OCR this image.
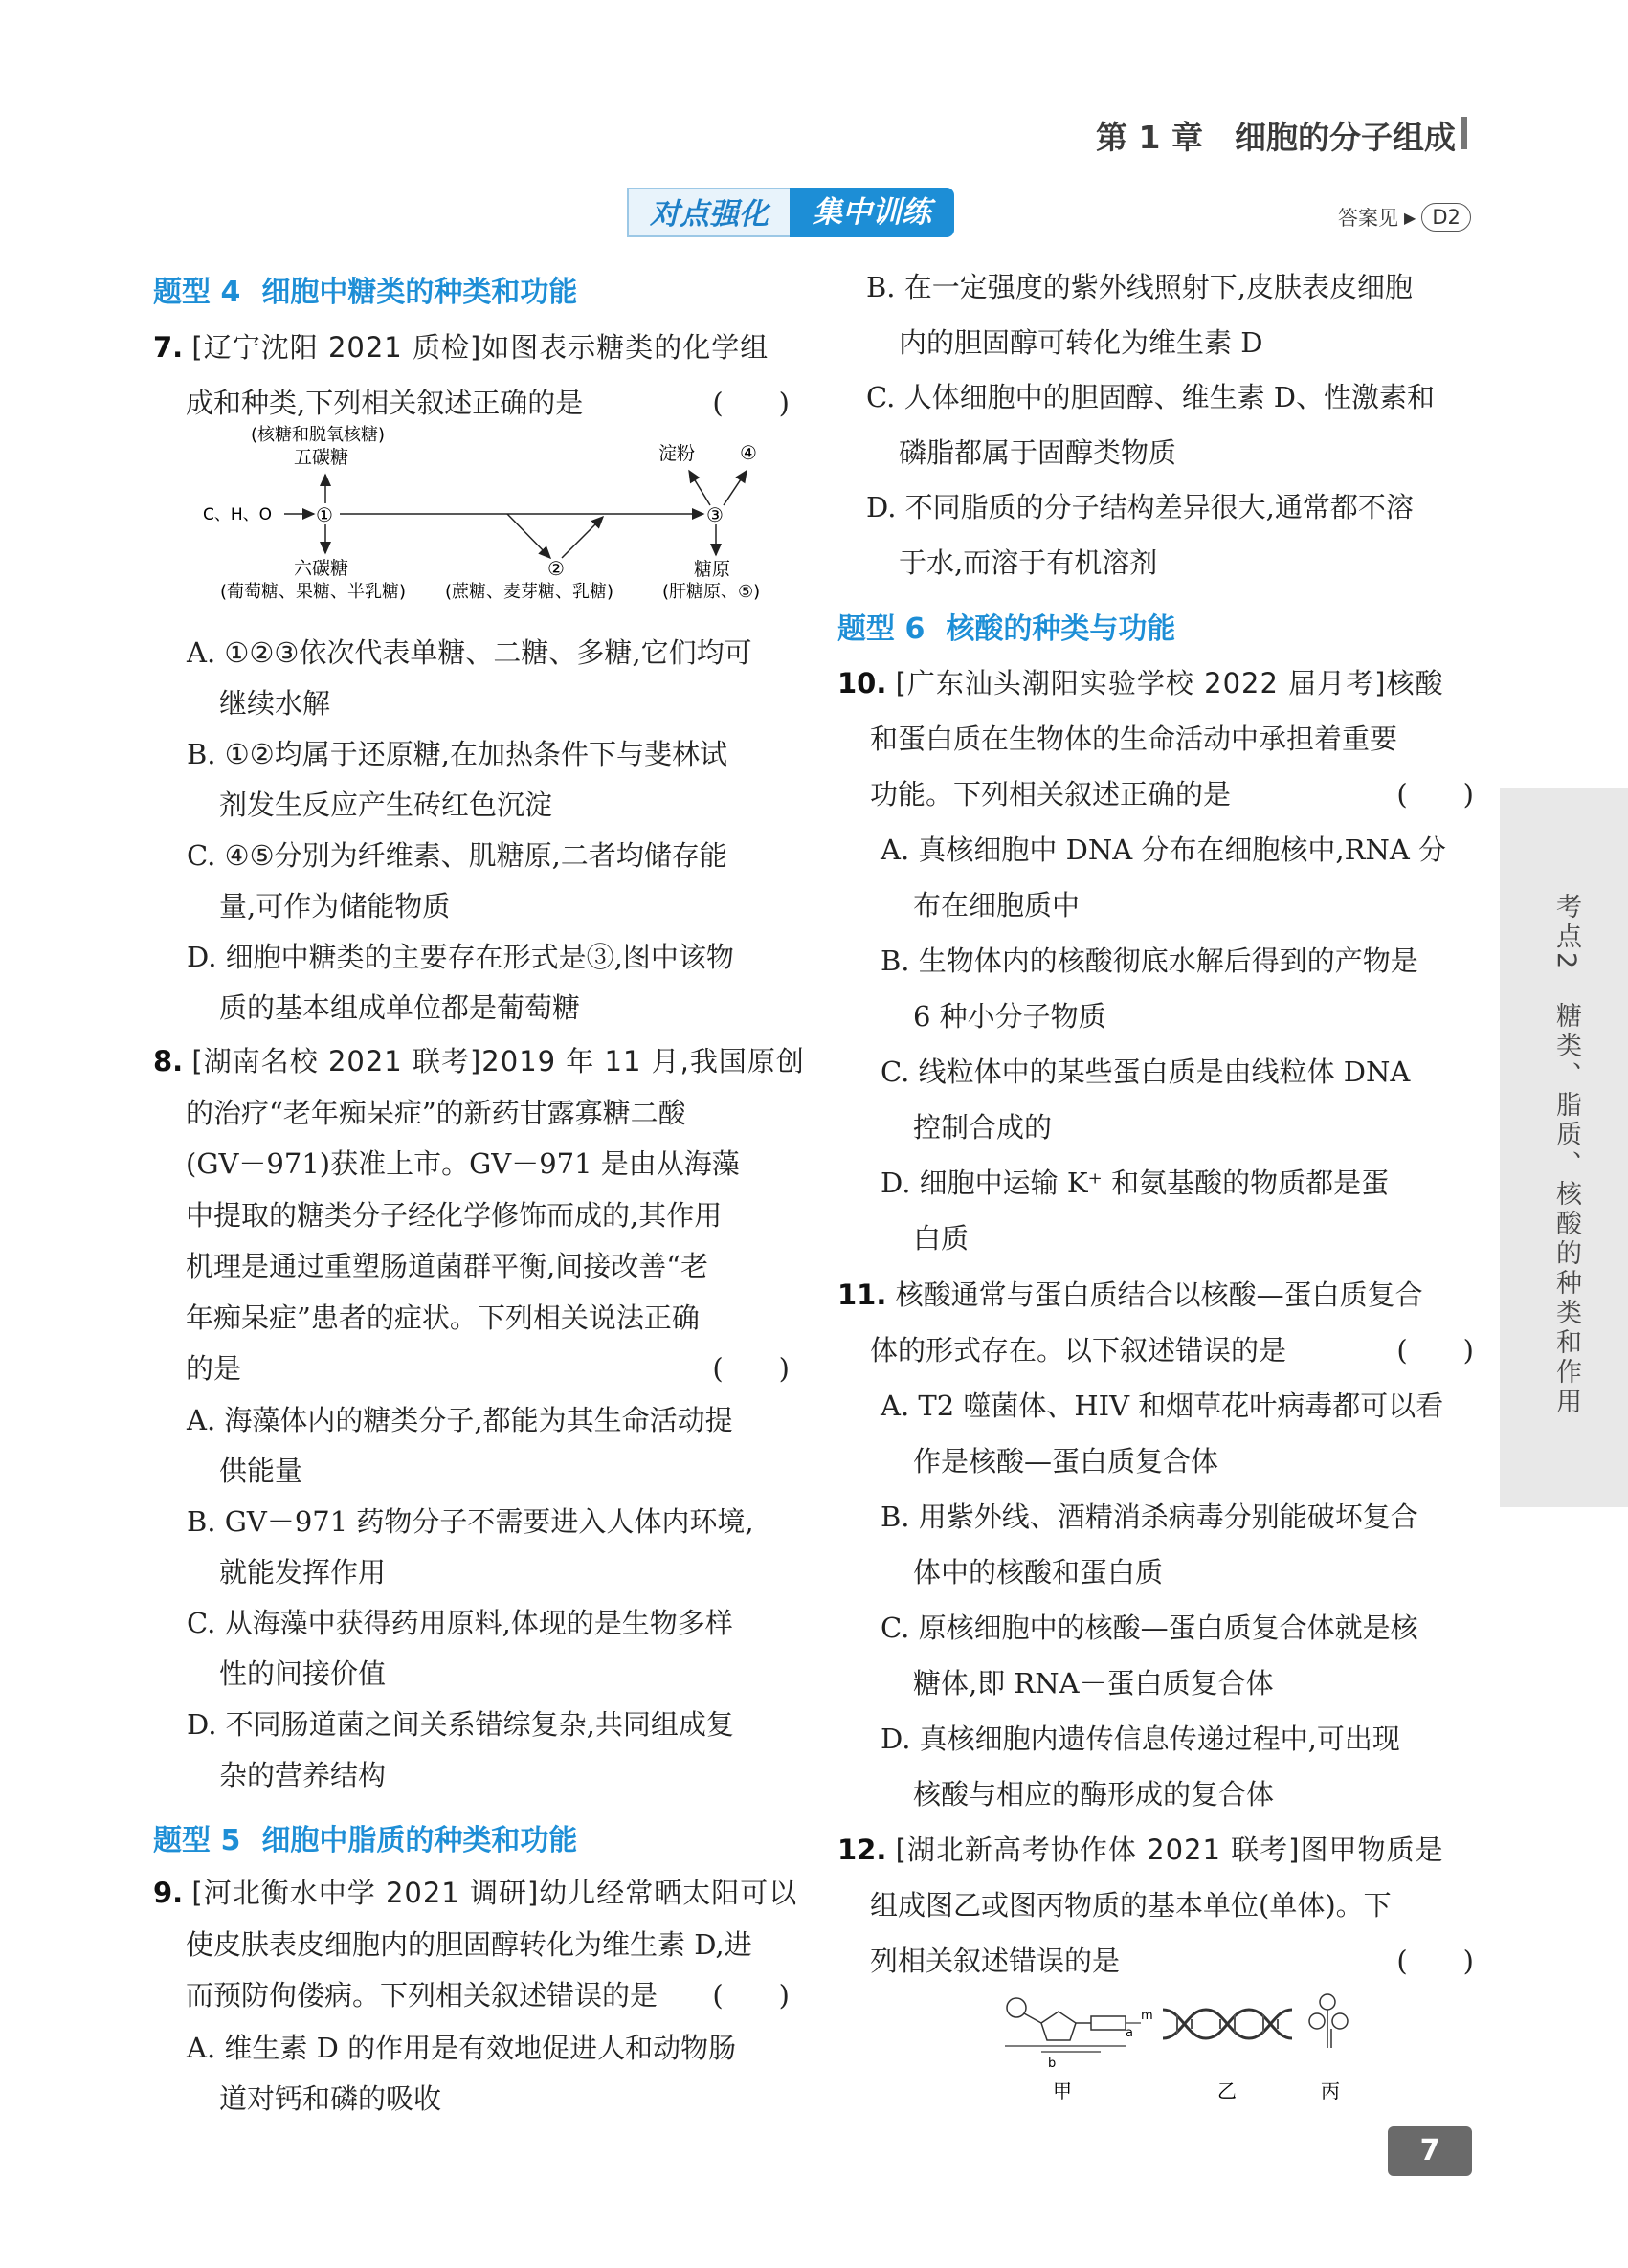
第 1 章　细胞的分子组成
对点强化	集中训练	答案见 ▶ D2
题型 4 细胞中糖类的种类和功能
7. [辽宁沈阳 2021 质检]如图表示糖类的化学组
成和种类,下列相关叙述正确的是	(　　)
(核糖和脱氧核糖)
五碳糖
C、H、O ①
六碳糖
(葡萄糖、果糖、半乳糖)
②
(蔗糖、麦芽糖、乳糖)
③
淀粉 ④
糖原
(肝糖原、⑤)
A. ①②③依次代表单糖、二糖、多糖,它们均可
继续水解
B. ①②均属于还原糖,在加热条件下与斐林试
剂发生反应产生砖红色沉淀
C. ④⑤分别为纤维素、肌糖原,二者均储存能
量,可作为储能物质
D. 细胞中糖类的主要存在形式是③,图中该物
质的基本组成单位都是葡萄糖
8. [湖南名校 2021 联考]2019 年 11 月,我国原创
的治疗“老年痴呆症”的新药甘露寡糖二酸
(GV－971)获准上市。GV－971 是由从海藻
中提取的糖类分子经化学修饰而成的,其作用
机理是通过重塑肠道菌群平衡,间接改善“老
年痴呆症”患者的症状。下列相关说法正确
的是	(　　)
A. 海藻体内的糖类分子,都能为其生命活动提
供能量
B. GV－971 药物分子不需要进入人体内环境,
就能发挥作用
C. 从海藻中获得药用原料,体现的是生物多样
性的间接价值
D. 不同肠道菌之间关系错综复杂,共同组成复
杂的营养结构
题型 5 细胞中脂质的种类和功能
9. [河北衡水中学 2021 调研]幼儿经常晒太阳可以
使皮肤表皮细胞内的胆固醇转化为维生素 D,进
而预防佝偻病。下列相关叙述错误的是	(　　)
A. 维生素 D 的作用是有效地促进人和动物肠
道对钙和磷的吸收
B. 在一定强度的紫外线照射下,皮肤表皮细胞
内的胆固醇可转化为维生素 D
C. 人体细胞中的胆固醇、维生素 D、性激素和
磷脂都属于固醇类物质
D. 不同脂质的分子结构差异很大,通常都不溶
于水,而溶于有机溶剂
题型 6 核酸的种类与功能
10. [广东汕头潮阳实验学校 2022 届月考]核酸
和蛋白质在生物体的生命活动中承担着重要
功能。下列相关叙述正确的是	(　　)
A. 真核细胞中 DNA 分布在细胞核中,RNA 分
布在细胞质中
B. 生物体内的核酸彻底水解后得到的产物是
6 种小分子物质
C. 线粒体中的某些蛋白质是由线粒体 DNA
控制合成的
D. 细胞中运输 K⁺ 和氨基酸的物质都是蛋
白质
11. 核酸通常与蛋白质结合以核酸—蛋白质复合
体的形式存在。以下叙述错误的是	(　　)
A. T2 噬菌体、HIV 和烟草花叶病毒都可以看
作是核酸—蛋白质复合体
B. 用紫外线、酒精消杀病毒分别能破坏复合
体中的核酸和蛋白质
C. 原核细胞中的核酸—蛋白质复合体就是核
糖体,即 RNA－蛋白质复合体
D. 真核细胞内遗传信息传递过程中,可出现
核酸与相应的酶形成的复合体
12. [湖北新高考协作体 2021 联考]图甲物质是
组成图乙或图丙物质的基本单位(单体)。下
列相关叙述错误的是	(　　)
m
a
b
甲	乙	丙
考点2　糖类、脂质、核酸的种类和作用
7
